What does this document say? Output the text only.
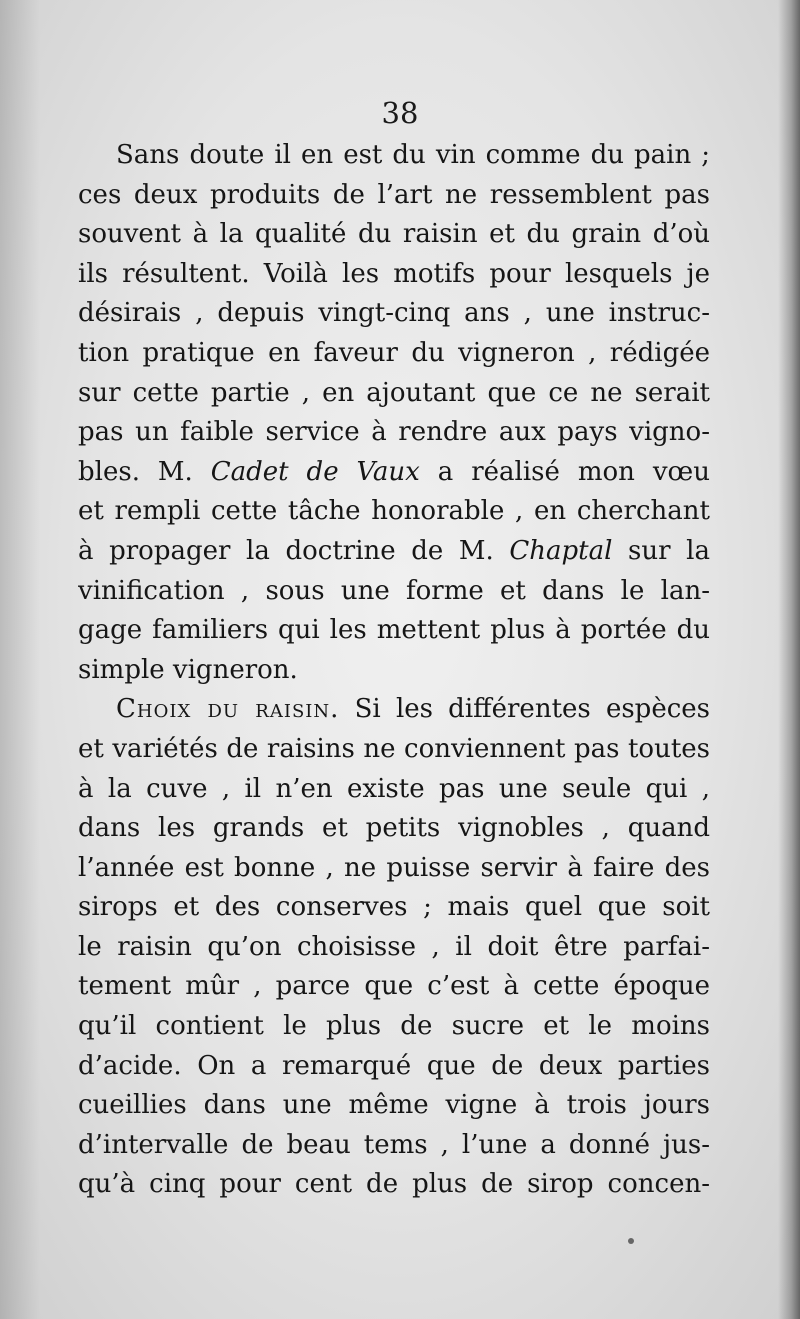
38
Sans doute il en est du vin comme du pain ;
ces deux produits de l’art ne ressemblent pas
souvent à la qualité du raisin et du grain d’où
ils résultent. Voilà les motifs pour lesquels je
désirais , depuis vingt-cinq ans , une instruc-
tion pratique en faveur du vigneron , rédigée
sur cette partie , en ajoutant que ce ne serait
pas un faible service à rendre aux pays vigno-
bles. M. Cadet de Vaux a réalisé mon vœu
et rempli cette tâche honorable , en cherchant
à propager la doctrine de M. Chaptal sur la
vinification , sous une forme et dans le lan-
gage familiers qui les mettent plus à portée du
simple vigneron.
Choix du raisin. Si les différentes espèces
et variétés de raisins ne conviennent pas toutes
à la cuve , il n’en existe pas une seule qui ,
dans les grands et petits vignobles , quand
l’année est bonne , ne puisse servir à faire des
sirops et des conserves ; mais quel que soit
le raisin qu’on choisisse , il doit être parfai-
tement mûr , parce que c’est à cette époque
qu’il contient le plus de sucre et le moins
d’acide. On a remarqué que de deux parties
cueillies dans une même vigne à trois jours
d’intervalle de beau tems , l’une a donné jus-
qu’à cinq pour cent de plus de sirop concen-
